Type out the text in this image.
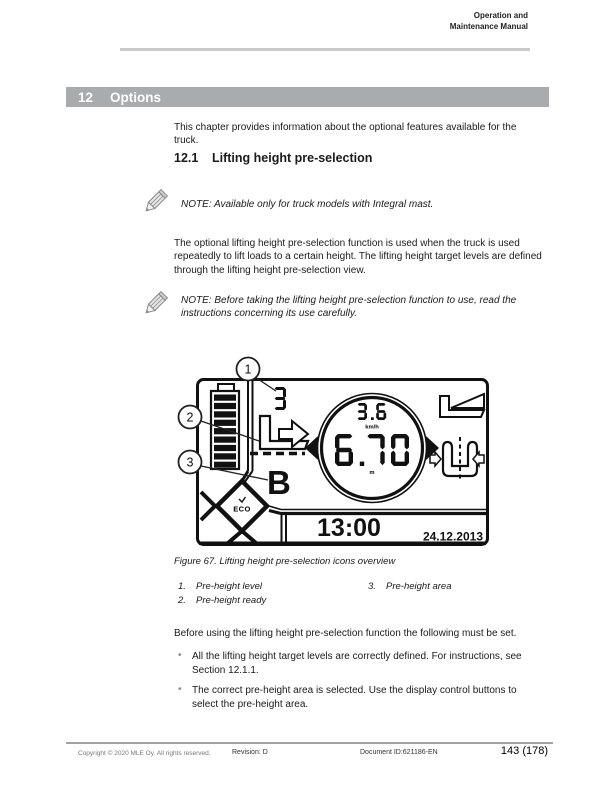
Operation and
Maintenance Manual
12	Options
This chapter provides information about the optional features available for the truck.
12.1	Lifting height pre-selection
NOTE: Available only for truck models with Integral mast.
The optional lifting height pre-selection function is used when the truck is used repeatedly to lift loads to a certain height. The lifting height target levels are defined through the lifting height pre-selection view.
NOTE: Before taking the lifting height pre-selection function to use, read the instructions concerning its use carefully.
ECO
B
km/h
m
13:00	24.12.2013
1
2
3
Figure 67. Lifting height pre-selection icons overview
1. Pre-height level
2. Pre-height ready
3. Pre-height area
Before using the lifting height pre-selection function the following must be set.
• All the lifting height target levels are correctly defined. For instructions, see Section 12.1.1.
• The correct pre-height area is selected. Use the display control buttons to select the pre-height area.
Copyright © 2020 MLE Oy. All rights reserved.	Revision: D	Document ID:621186-EN	143 (178)
